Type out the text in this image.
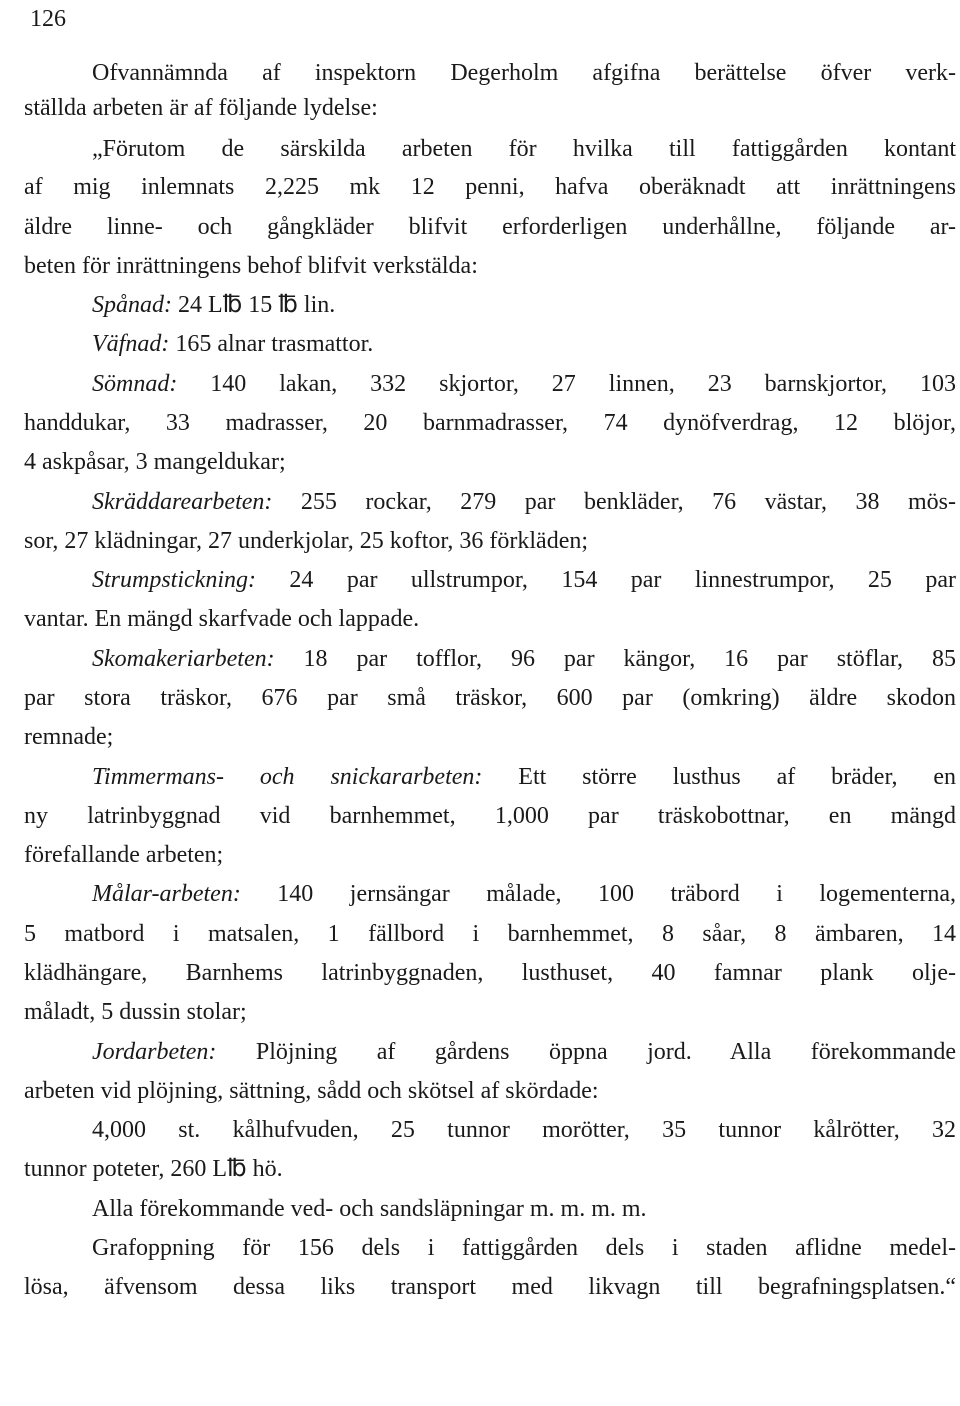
126
Ofvannämnda af inspektorn Degerholm afgifna berättelse öfver verk-
ställda arbeten är af följande lydelse:
„Förutom de särskilda arbeten för hvilka till fattiggården kontant
af mig inlemnats 2,225 mk 12 penni, hafva oberäknadt att inrättningens
äldre linne- och gångkläder blifvit erforderligen underhållne, följande ar-
beten för inrättningens behof blifvit verkstälda:
Spånad: 24 L℔ 15 ℔ lin.
Väfnad: 165 alnar trasmattor.
Sömnad: 140 lakan, 332 skjortor, 27 linnen, 23 barnskjortor, 103
handdukar, 33 madrasser, 20 barnmadrasser, 74 dynöfverdrag, 12 blöjor,
4 askpåsar, 3 mangeldukar;
Skräddarearbeten: 255 rockar, 279 par benkläder, 76 västar, 38 mös-
sor, 27 klädningar, 27 underkjolar, 25 koftor, 36 förkläden;
Strumpstickning: 24 par ullstrumpor, 154 par linnestrumpor, 25 par
vantar. En mängd skarfvade och lappade.
Skomakeriarbeten: 18 par tofflor, 96 par kängor, 16 par stöflar, 85
par stora träskor, 676 par små träskor, 600 par (omkring) äldre skodon
remnade;
Timmermans- och snickararbeten: Ett större lusthus af bräder, en
ny latrinbyggnad vid barnhemmet, 1,000 par träskobottnar, en mängd
förefallande arbeten;
Målar-arbeten: 140 jernsängar målade, 100 träbord i logementerna,
5 matbord i matsalen, 1 fällbord i barnhemmet, 8 såar, 8 ämbaren, 14
klädhängare, Barnhems latrinbyggnaden, lusthuset, 40 famnar plank olje-
måladt, 5 dussin stolar;
Jordarbeten: Plöjning af gårdens öppna jord. Alla förekommande
arbeten vid plöjning, sättning, sådd och skötsel af skördade:
4,000 st. kålhufvuden, 25 tunnor morötter, 35 tunnor kålrötter, 32
tunnor poteter, 260 L℔ hö.
Alla förekommande ved- och sandsläpningar m. m. m. m.
Grafoppning för 156 dels i fattiggården dels i staden aflidne medel-
lösa, äfvensom dessa liks transport med likvagn till begrafningsplatsen.“
